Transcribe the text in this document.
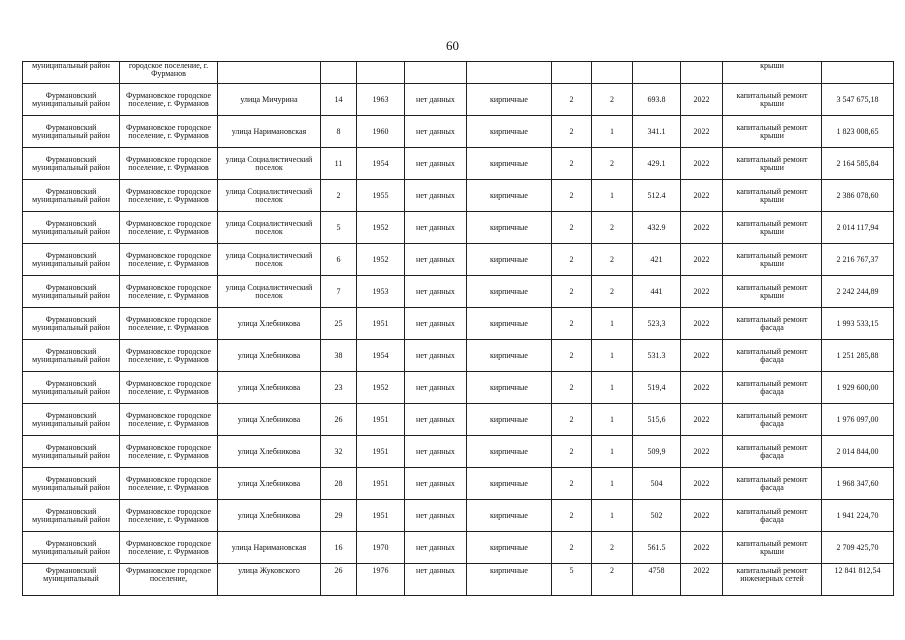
60
муниципальный район	городское поселение, г. Фурманов										крыши	
Фурмановский муниципальный район	Фурмановское городское поселение, г. Фурманов	улица Мичурина	14	1963	нет данных	кирпичные	2	2	693.8	2022	капитальный ремонт крыши	3 547 675,18
Фурмановский муниципальный район	Фурмановское городское поселение, г. Фурманов	улица Наримановская	8	1960	нет данных	кирпичные	2	1	341.1	2022	капитальный ремонт крыши	1 823 008,65
Фурмановский муниципальный район	Фурмановское городское поселение, г. Фурманов	улица Социалистический поселок	11	1954	нет данных	кирпичные	2	2	429.1	2022	капитальный ремонт крыши	2 164 585,84
Фурмановский муниципальный район	Фурмановское городское поселение, г. Фурманов	улица Социалистический поселок	2	1955	нет данных	кирпичные	2	1	512.4	2022	капитальный ремонт крыши	2 386 078,60
Фурмановский муниципальный район	Фурмановское городское поселение, г. Фурманов	улица Социалистический поселок	5	1952	нет данных	кирпичные	2	2	432.9	2022	капитальный ремонт крыши	2 014 117,94
Фурмановский муниципальный район	Фурмановское городское поселение, г. Фурманов	улица Социалистический поселок	6	1952	нет данных	кирпичные	2	2	421	2022	капитальный ремонт крыши	2 216 767,37
Фурмановский муниципальный район	Фурмановское городское поселение, г. Фурманов	улица Социалистический поселок	7	1953	нет данных	кирпичные	2	2	441	2022	капитальный ремонт крыши	2 242 244,89
Фурмановский муниципальный район	Фурмановское городское поселение, г. Фурманов	улица Хлебникова	25	1951	нет данных	кирпичные	2	1	523,3	2022	капитальный ремонт фасада	1 993 533,15
Фурмановский муниципальный район	Фурмановское городское поселение, г. Фурманов	улица Хлебникова	38	1954	нет данных	кирпичные	2	1	531.3	2022	капитальный ремонт фасада	1 251 285,88
Фурмановский муниципальный район	Фурмановское городское поселение, г. Фурманов	улица Хлебникова	23	1952	нет данных	кирпичные	2	1	519,4	2022	капитальный ремонт фасада	1 929 600,00
Фурмановский муниципальный район	Фурмановское городское поселение, г. Фурманов	улица Хлебникова	26	1951	нет данных	кирпичные	2	1	515,6	2022	капитальный ремонт фасада	1 976 097,00
Фурмановский муниципальный район	Фурмановское городское поселение, г. Фурманов	улица Хлебникова	32	1951	нет данных	кирпичные	2	1	509,9	2022	капитальный ремонт фасада	2 014 844,00
Фурмановский муниципальный район	Фурмановское городское поселение, г. Фурманов	улица Хлебникова	28	1951	нет данных	кирпичные	2	1	504	2022	капитальный ремонт фасада	1 968 347,60
Фурмановский муниципальный район	Фурмановское городское поселение, г. Фурманов	улица Хлебникова	29	1951	нет данных	кирпичные	2	1	502	2022	капитальный ремонт фасада	1 941 224,70
Фурмановский муниципальный район	Фурмановское городское поселение, г. Фурманов	улица Наримановская	16	1970	нет данных	кирпичные	2	2	561.5	2022	капитальный ремонт крыши	2 709 425,70
Фурмановский муниципальный	Фурмановское городское поселение,	улица Жуковского	26	1976	нет данных	кирпичные	5	2	4758	2022	капитальный ремонт инженерных сетей	12 841 812,54
